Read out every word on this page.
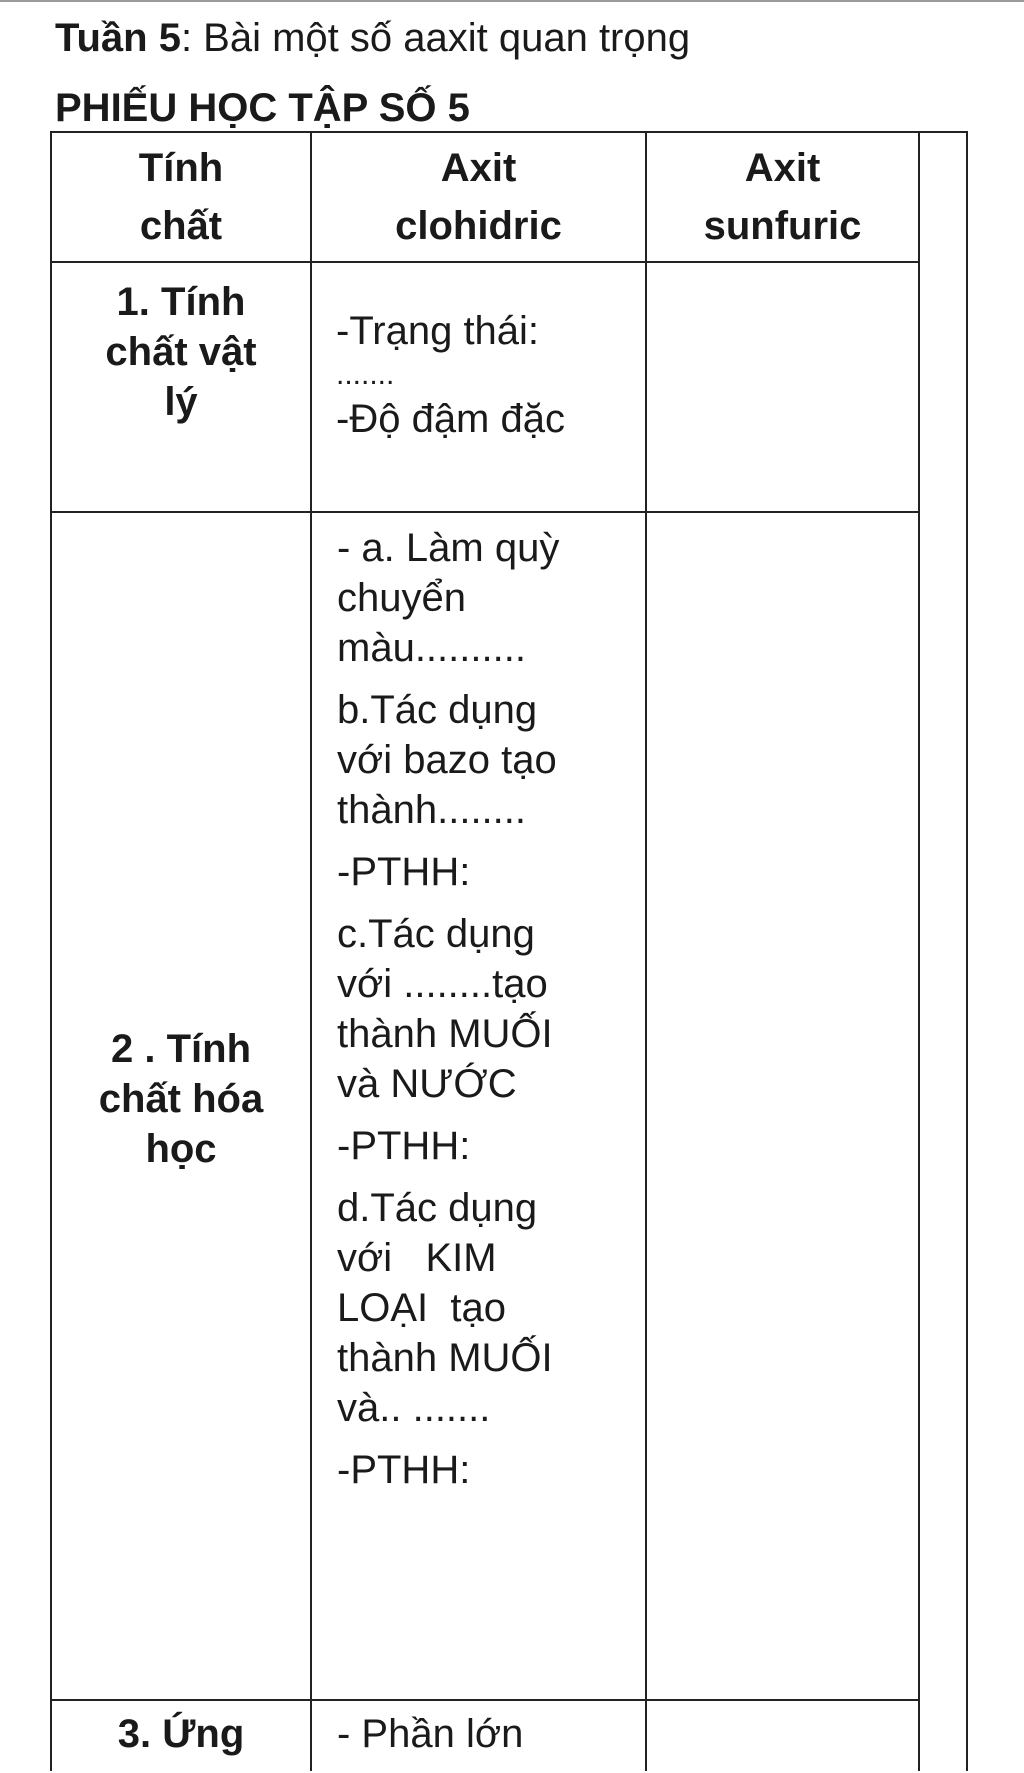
Tuần 5: Bài một số aaxit quan trọng
PHIẾU HỌC TẬP SỐ 5
Tính
chất
Axit
clohidric
Axit
sunfuric
1. Tính
chất vật
lý
-Trạng thái:
.......
-Độ đậm đặc
2 . Tính
chất hóa
học
- a. Làm quỳ
chuyển
màu..........
b.Tác dụng
với bazo tạo
thành........
-PTHH:
c.Tác dụng
với ........tạo
thành MUỐI
và NƯỚC
-PTHH:
d.Tác dụng
với   KIM
LOẠI  tạo
thành MUỐI
và.. .......
-PTHH:
3. Ứng	- Phần lớn
